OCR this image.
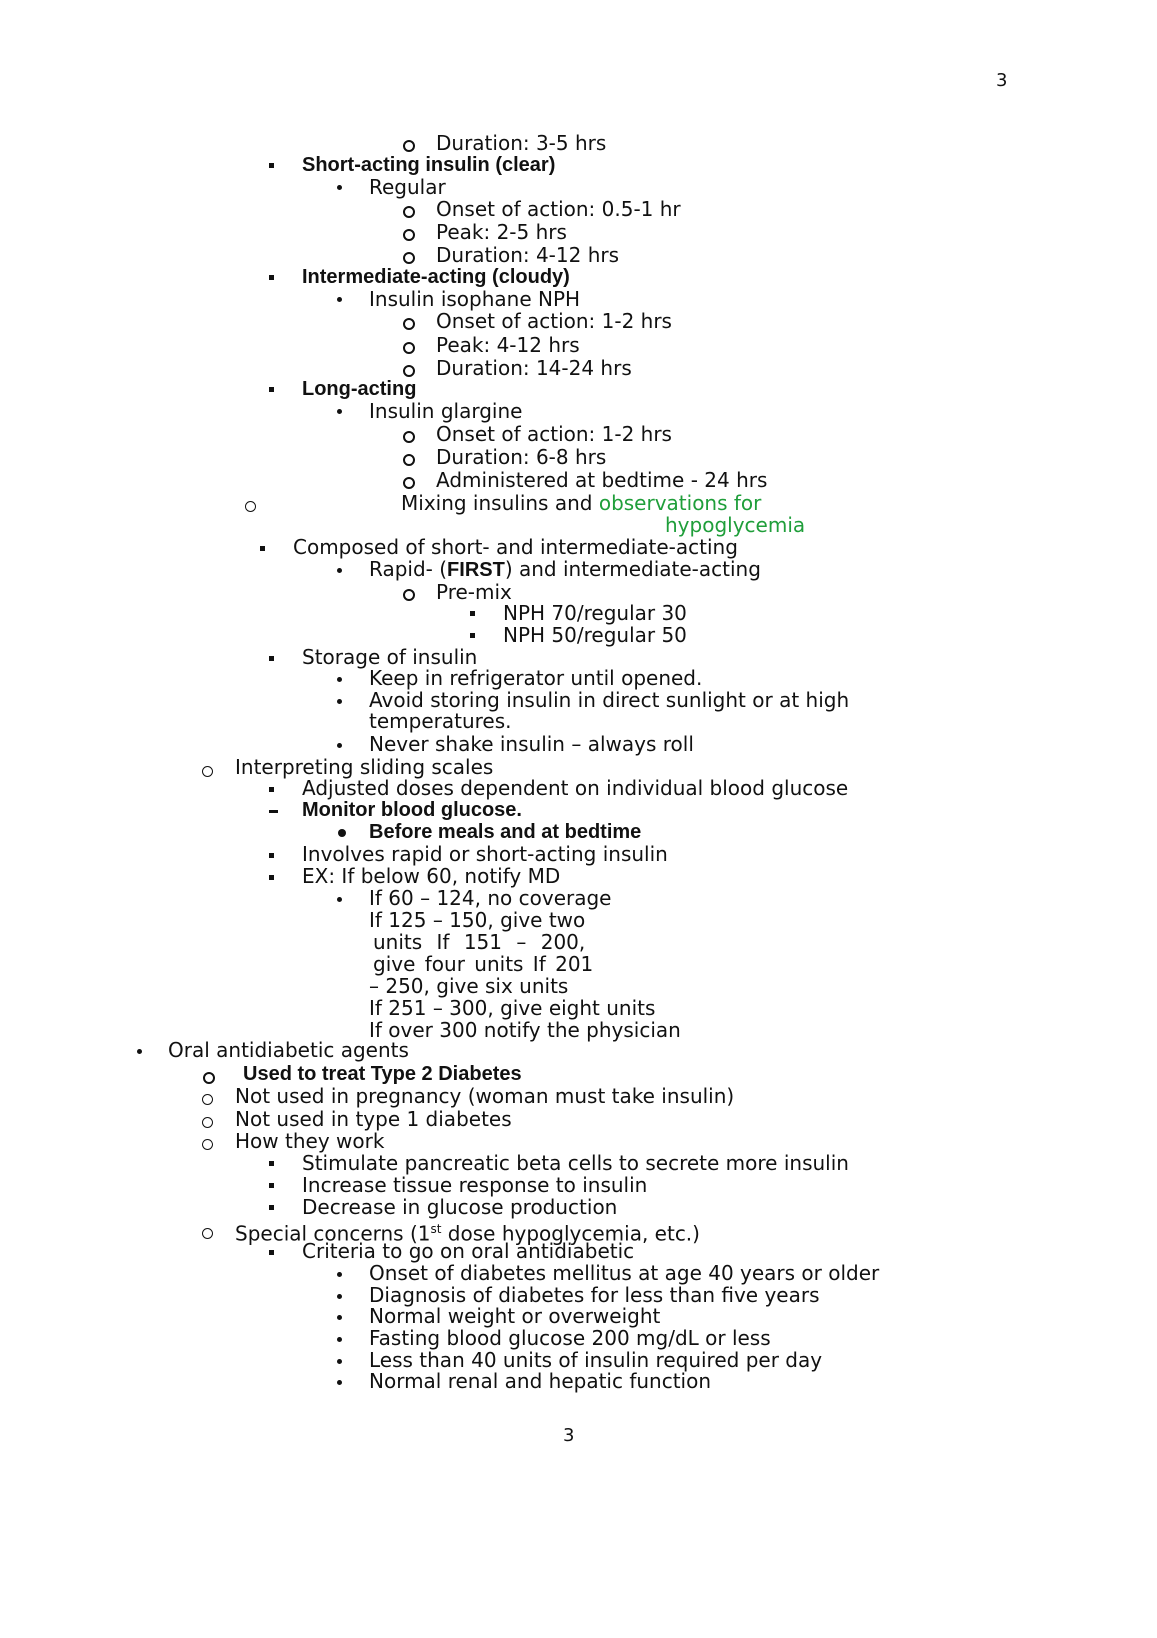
3
3
Duration: 3-5 hrs
Short-acting insulin (clear)
Regular
Onset of action: 0.5-1 hr
Peak: 2-5 hrs
Duration: 4-12 hrs
Intermediate-acting (cloudy)
Insulin isophane NPH
Onset of action: 1-2 hrs
Peak: 4-12 hrs
Duration: 14-24 hrs
Long-acting
Insulin glargine
Onset of action: 1-2 hrs
Duration: 6-8 hrs
Administered at bedtime - 24 hrs
Mixing insulins and observations for
hypoglycemia
Composed of short- and intermediate-acting
Rapid- (FIRST) and intermediate-acting
Pre-mix
NPH 70/regular 30
NPH 50/regular 50
Storage of insulin
Keep in refrigerator until opened.
Avoid storing insulin in direct sunlight or at high
temperatures.
Never shake insulin – always roll
Interpreting sliding scales
Adjusted doses dependent on individual blood glucose
Monitor blood glucose.
Before meals and at bedtime
Involves rapid or short-acting insulin
EX: If below 60, notify MD
If 60 – 124, no coverage
If 125 – 150, give two
units If 151 – 200,
give four units If 201
– 250, give six units
If 251 – 300, give eight units
If over 300 notify the physician
Oral antidiabetic agents
Used to treat Type 2 Diabetes
Not used in pregnancy (woman must take insulin)
Not used in type 1 diabetes
How they work
Stimulate pancreatic beta cells to secrete more insulin
Increase tissue response to insulin
Decrease in glucose production
Special concerns (1st dose hypoglycemia, etc.)
Criteria to go on oral antidiabetic
Onset of diabetes mellitus at age 40 years or older
Diagnosis of diabetes for less than five years
Normal weight or overweight
Fasting blood glucose 200 mg/dL or less
Less than 40 units of insulin required per day
Normal renal and hepatic function
